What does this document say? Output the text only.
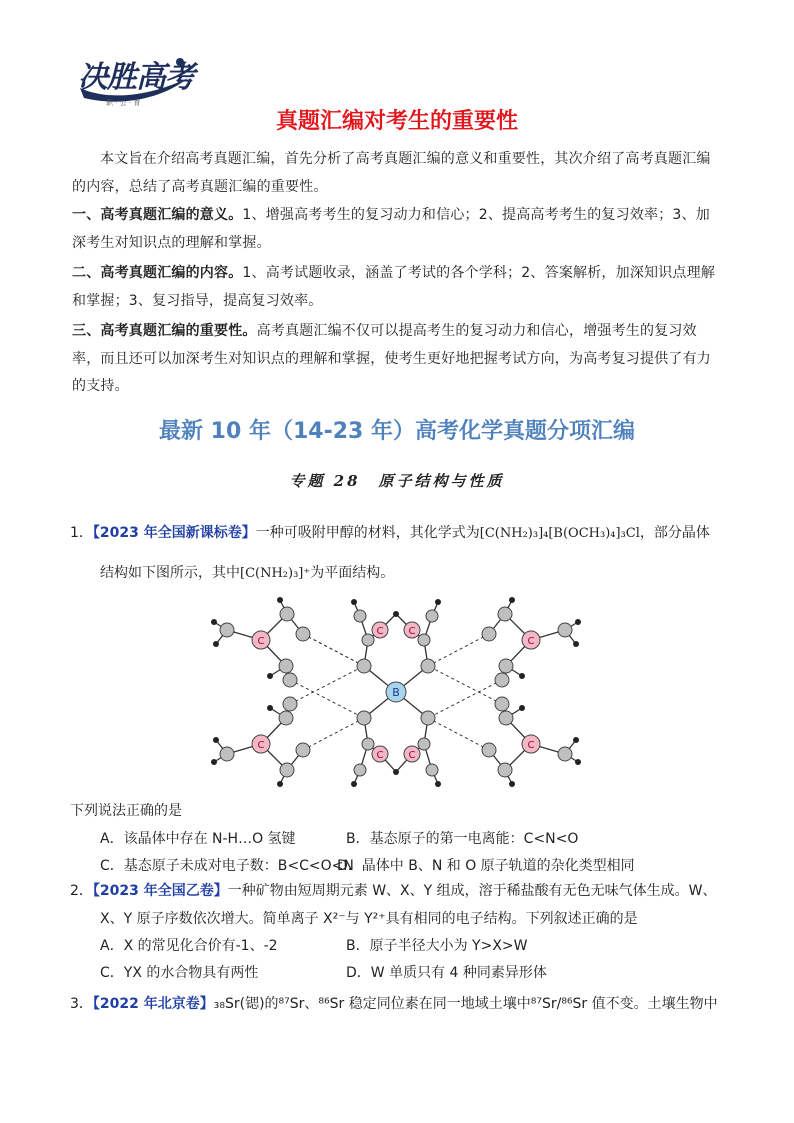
决胜高考
职 · 公 · 育
真题汇编对考生的重要性
本文旨在介绍高考真题汇编，首先分析了高考真题汇编的意义和重要性，其次介绍了高考真题汇编的内容，总结了高考真题汇编的重要性。
一、高考真题汇编的意义。1、增强高考考生的复习动力和信心；2、提高高考考生的复习效率；3、加深考生对知识点的理解和掌握。
二、高考真题汇编的内容。1、高考试题收录，涵盖了考试的各个学科；2、答案解析，加深知识点理解和掌握；3、复习指导，提高复习效率。
三、高考真题汇编的重要性。高考真题汇编不仅可以提高考生的复习动力和信心，增强考生的复习效率，而且还可以加深考生对知识点的理解和掌握，使考生更好地把握考试方向，为高考复习提供了有力的支持。
最新 10 年（14-23 年）高考化学真题分项汇编
专题 28　原子结构与性质
1．【2023 年全国新课标卷】一种可吸附甲醇的材料，其化学式为[C(NH₂)₃]₄[B(OCH₃)₄]₃Cl，部分晶体
结构如下图所示，其中[C(NH₂)₃]⁺为平面结构。
C
C
C
C
C	C
C	C
B
下列说法正确的是
A．该晶体中存在 N-H…O 氢键	B．基态原子的第一电离能：C<N<O
C．基态原子未成对电子数：B<C<O<N
D．晶体中 B、N 和 O 原子轨道的杂化类型相同
2．【2023 年全国乙卷】一种矿物由短周期元素 W、X、Y 组成，溶于稀盐酸有无色无味气体生成。W、
X、Y 原子序数依次增大。简单离子 X²⁻与 Y²⁺具有相同的电子结构。下列叙述正确的是
A．X 的常见化合价有-1、-2	B．原子半径大小为 Y>X>W
C．YX 的水合物具有两性	D．W 单质只有 4 种同素异形体
3．【2022 年北京卷】₃₈Sr(锶)的⁸⁷Sr、⁸⁶Sr 稳定同位素在同一地域土壤中⁸⁷Sr/⁸⁶Sr 值不变。土壤生物中
